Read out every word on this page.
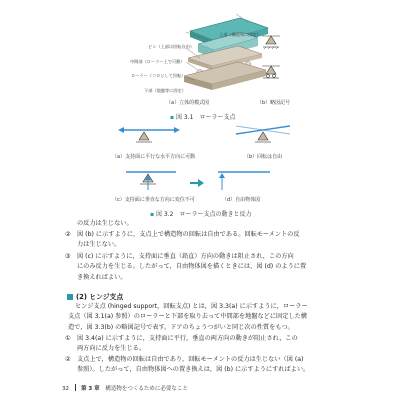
上部（構造物に固定）
ピン（上部は回転自由）
中間部（ローラー上で可動）
ローラー（コロとして回転）
下部（地盤等に固定）
（a）立体的模式図	（b）略図記号
▪ 図 3.1　 ローラー支点
（a）支持面に平行な水平方向に可動	（b）回転は自由
（c）支持面に垂直な方向に変位不可	（d）自由物体図
▪ 図 3.2　 ローラー支点の動きと反力
の反力は生じない。
② 図 (b) に示すように，支点上で構造物の回転は自由である。回転モーメントの反
力は生じない。
③ 図 (c) に示すように，支持面に垂直（鉛直）方向の動きは阻止され，この方向
にのみ反力を生じる。したがって，自由物体図を描くときには，図 (d) のように置
き換えればよい。
(2) ヒンジ支点
ヒンジ支点 (hinged support，回転支点) とは，図 3.3(a) に示すように，ローラー
支点（図 3.1(a) 参照）のローラーと下部を取り去って中間部を地盤などに固定した構
造で，図 3.3(b) の略図記号で表す。ドアのちょうつがいと同じ次の性質をもつ。
① 図 3.4(a) に示すように，支持面に平行，垂直の両方向の動きが阻止され，この
両方向に反力を生じる。
② 支点上で，構造物の回転は自由であり，回転モーメントの反力は生じない（図 (a)
参照）。したがって，自由物体図への置き換えは，図 (b) に示すようにすればよい。
32 第 3 章 構造物をつくるために必要なこと
